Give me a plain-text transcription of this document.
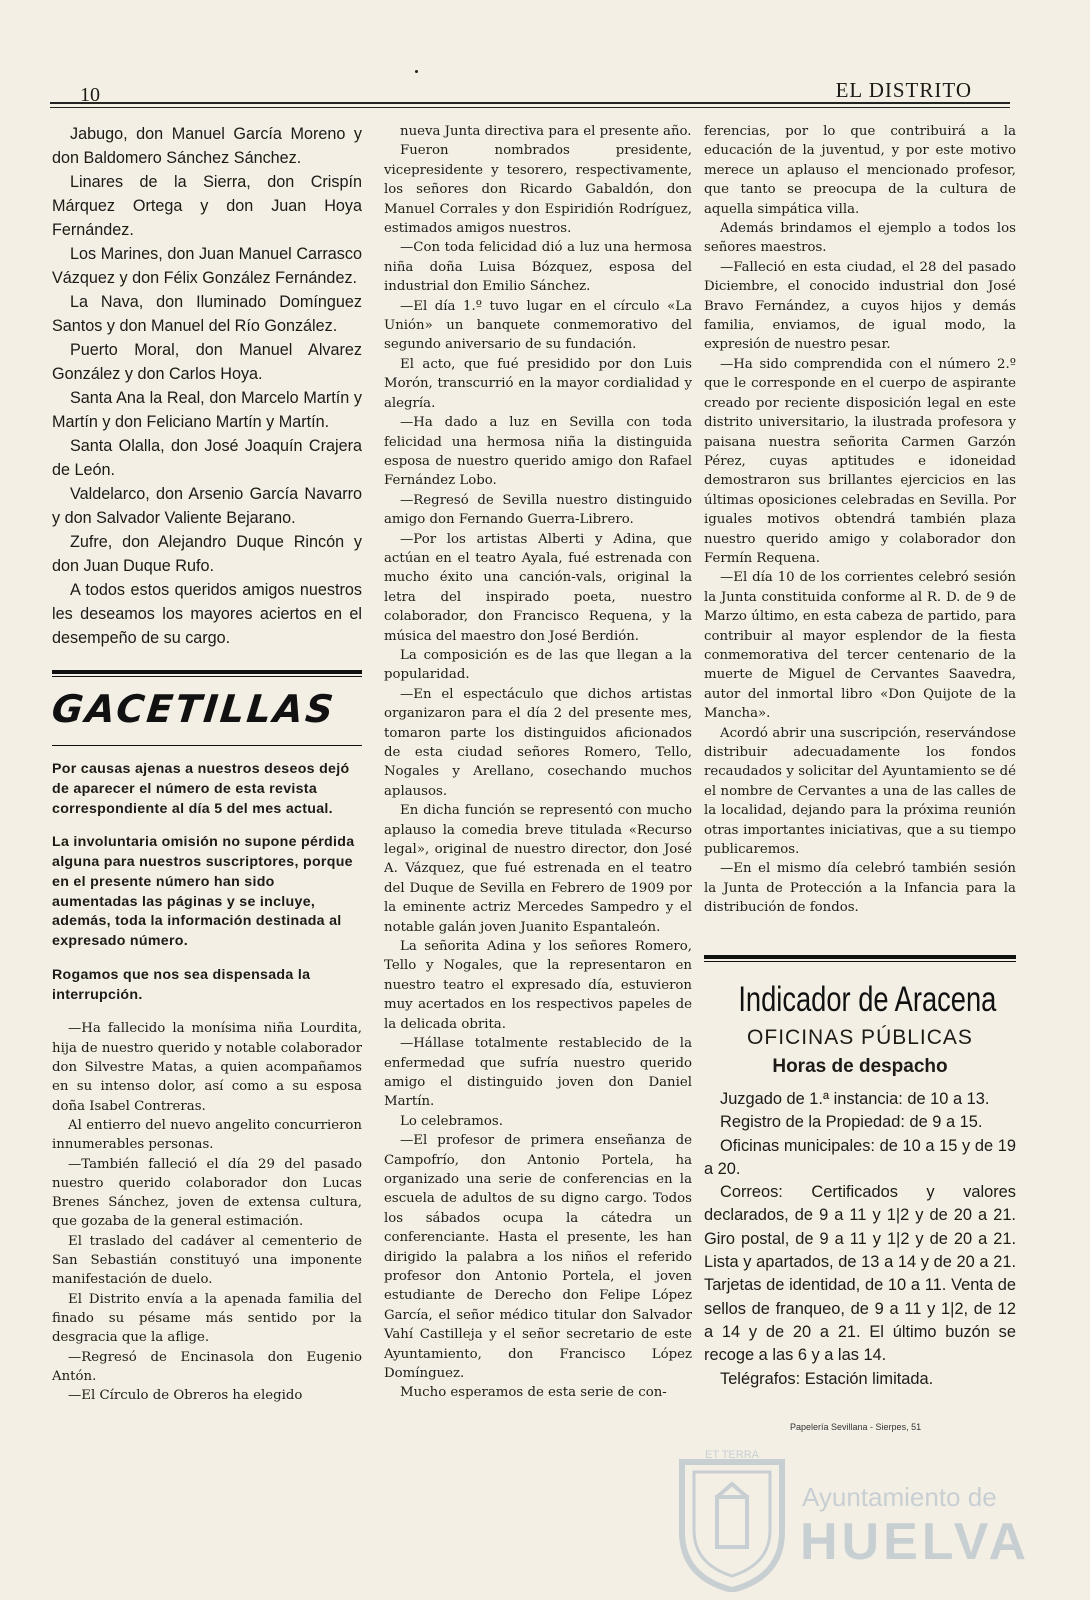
10	EL DISTRITO

Jabugo, don Manuel García Moreno y don Baldomero Sánchez Sánchez.

Linares de la Sierra, don Crispín Márquez Ortega y don Juan Hoya Fernández.

Los Marines, don Juan Manuel Carrasco Vázquez y don Félix González Fernández.

La Nava, don Iluminado Domínguez Santos y don Manuel del Río González.

Puerto Moral, don Manuel Alvarez González y don Carlos Hoya.

Santa Ana la Real, don Marcelo Martín y Martín y don Feliciano Martín y Martín.

Santa Olalla, don José Joaquín Crajera de León.

Valdelarco, don Arsenio García Navarro y don Salvador Valiente Bejarano.

Zufre, don Alejandro Duque Rincón y don Juan Duque Rufo.

A todos estos queridos amigos nuestros les deseamos los mayores aciertos en el desempeño de su cargo.

GACETILLAS

Por causas ajenas a nuestros deseos dejó de aparecer el número de esta revista correspondiente al día 5 del mes actual.

La involuntaria omisión no supone pérdida alguna para nuestros suscriptores, porque en el presente número han sido aumentadas las páginas y se incluye, además, toda la información destinada al expresado número.

Rogamos que nos sea dispensada la interrupción.

—Ha fallecido la monísima niña Lourdita, hija de nuestro querido y notable colaborador don Silvestre Matas, a quien acompañamos en su intenso dolor, así como a su esposa doña Isabel Contreras.

Al entierro del nuevo angelito concurrieron innumerables personas.

—También falleció el día 29 del pasado nuestro querido colaborador don Lucas Brenes Sánchez, joven de extensa cultura, que gozaba de la general estimación.

El traslado del cadáver al cementerio de San Sebastián constituyó una imponente manifestación de duelo.

El Distrito envía a la apenada familia del finado su pésame más sentido por la desgracia que la aflige.

—Regresó de Encinasola don Eugenio Antón.

—El Círculo de Obreros ha elegido

nueva Junta directiva para el presente año.

Fueron nombrados presidente, vicepresidente y tesorero, respectivamente, los señores don Ricardo Gabaldón, don Manuel Corrales y don Espiridión Rodríguez, estimados amigos nuestros.

—Con toda felicidad dió a luz una hermosa niña doña Luisa Bózquez, esposa del industrial don Emilio Sánchez.

—El día 1.º tuvo lugar en el círculo «La Unión» un banquete conmemorativo del segundo aniversario de su fundación.

El acto, que fué presidido por don Luis Morón, transcurrió en la mayor cordialidad y alegría.

—Ha dado a luz en Sevilla con toda felicidad una hermosa niña la distinguida esposa de nuestro querido amigo don Rafael Fernández Lobo.

—Regresó de Sevilla nuestro distinguido amigo don Fernando Guerra-Librero.

—Por los artistas Alberti y Adina, que actúan en el teatro Ayala, fué estrenada con mucho éxito una canción-vals, original la letra del inspirado poeta, nuestro colaborador, don Francisco Requena, y la música del maestro don José Berdión.

La composición es de las que llegan a la popularidad.

—En el espectáculo que dichos artistas organizaron para el día 2 del presente mes, tomaron parte los distinguidos aficionados de esta ciudad señores Romero, Tello, Nogales y Arellano, cosechando muchos aplausos.

En dicha función se representó con mucho aplauso la comedia breve titulada «Recurso legal», original de nuestro director, don José A. Vázquez, que fué estrenada en el teatro del Duque de Sevilla en Febrero de 1909 por la eminente actriz Mercedes Sampedro y el notable galán joven Juanito Espantaleón.

La señorita Adina y los señores Romero, Tello y Nogales, que la representaron en nuestro teatro el expresado día, estuvieron muy acertados en los respectivos papeles de la delicada obrita.

—Hállase totalmente restablecido de la enfermedad que sufría nuestro querido amigo el distinguido joven don Daniel Martín.

Lo celebramos.

—El profesor de primera enseñanza de Campofrío, don Antonio Portela, ha organizado una serie de conferencias en la escuela de adultos de su digno cargo. Todos los sábados ocupa la cátedra un conferenciante. Hasta el presente, les han dirigido la palabra a los niños el referido profesor don Antonio Portela, el joven estudiante de Derecho don Felipe López García, el señor médico titular don Salvador Vahí Castilleja y el señor secretario de este Ayuntamiento, don Francisco López Domínguez.

Mucho esperamos de esta serie de con-

ferencias, por lo que contribuirá a la educación de la juventud, y por este motivo merece un aplauso el mencionado profesor, que tanto se preocupa de la cultura de aquella simpática villa.

Además brindamos el ejemplo a todos los señores maestros.

—Falleció en esta ciudad, el 28 del pasado Diciembre, el conocido industrial don José Bravo Fernández, a cuyos hijos y demás familia, enviamos, de igual modo, la expresión de nuestro pesar.

—Ha sido comprendida con el número 2.º que le corresponde en el cuerpo de aspirante creado por reciente disposición legal en este distrito universitario, la ilustrada profesora y paisana nuestra señorita Carmen Garzón Pérez, cuyas aptitudes e idoneidad demostraron sus brillantes ejercicios en las últimas oposiciones celebradas en Sevilla. Por iguales motivos obtendrá también plaza nuestro querido amigo y colaborador don Fermín Requena.

—El día 10 de los corrientes celebró sesión la Junta constituida conforme al R. D. de 9 de Marzo último, en esta cabeza de partido, para contribuir al mayor esplendor de la fiesta conmemorativa del tercer centenario de la muerte de Miguel de Cervantes Saavedra, autor del inmortal libro «Don Quijote de la Mancha».

Acordó abrir una suscripción, reservándose distribuir adecuadamente los fondos recaudados y solicitar del Ayuntamiento se dé el nombre de Cervantes a una de las calles de la localidad, dejando para la próxima reunión otras importantes iniciativas, que a su tiempo publicaremos.

—En el mismo día celebró también sesión la Junta de Protección a la Infancia para la distribución de fondos.

Indicador de Aracena
OFICINAS PÚBLICAS
Horas de despacho

Juzgado de 1.ª instancia: de 10 a 13.

Registro de la Propiedad: de 9 a 15.

Oficinas municipales: de 10 a 15 y de 19 a 20.

Correos: Certificados y valores declarados, de 9 a 11 y 1|2 y de 20 a 21. Giro postal, de 9 a 11 y 1|2 y de 20 a 21. Lista y apartados, de 13 a 14 y de 20 a 21. Tarjetas de identidad, de 10 a 11. Venta de sellos de franqueo, de 9 a 11 y 1|2, de 12 a 14 y de 20 a 21. El último buzón se recoge a las 6 y a las 14.

Telégrafos: Estación limitada.

Papelería Sevillana - Sierpes, 51
ET TERRA
Ayuntamiento de
HUELVA
